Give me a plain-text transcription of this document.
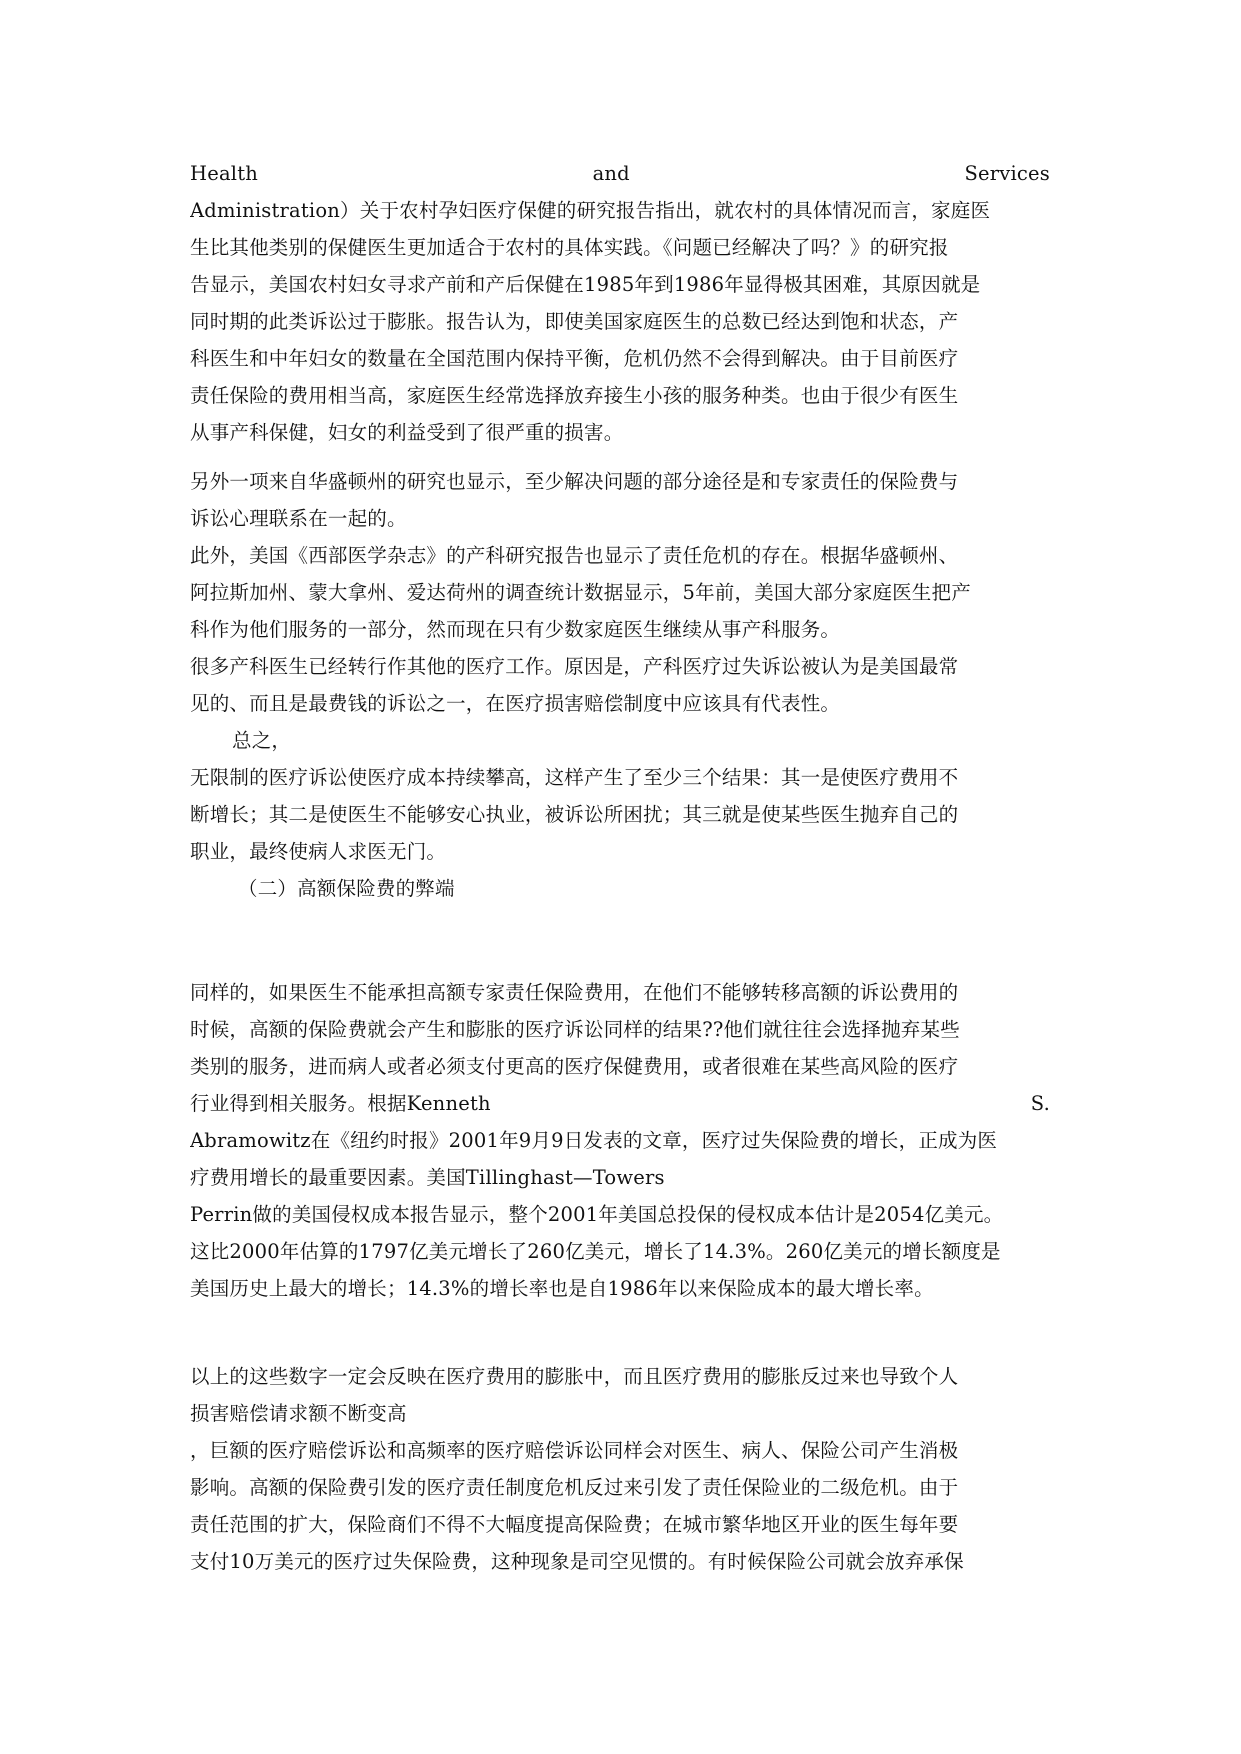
Health	and	Services
Administration）关于农村孕妇医疗保健的研究报告指出，就农村的具体情况而言，家庭医
生比其他类别的保健医生更加适合于农村的具体实践。《问题已经解决了吗？》的研究报
告显示，美国农村妇女寻求产前和产后保健在1985年到1986年显得极其困难，其原因就是
同时期的此类诉讼过于膨胀。报告认为，即使美国家庭医生的总数已经达到饱和状态，产
科医生和中年妇女的数量在全国范围内保持平衡，危机仍然不会得到解决。由于目前医疗
责任保险的费用相当高，家庭医生经常选择放弃接生小孩的服务种类。也由于很少有医生
从事产科保健，妇女的利益受到了很严重的损害。
另外一项来自华盛顿州的研究也显示，至少解决问题的部分途径是和专家责任的保险费与
诉讼心理联系在一起的。
此外，美国《西部医学杂志》的产科研究报告也显示了责任危机的存在。根据华盛顿州、
阿拉斯加州、蒙大拿州、爱达荷州的调查统计数据显示，5年前，美国大部分家庭医生把产
科作为他们服务的一部分，然而现在只有少数家庭医生继续从事产科服务。
很多产科医生已经转行作其他的医疗工作。原因是，产科医疗过失诉讼被认为是美国最常
见的、而且是最费钱的诉讼之一，在医疗损害赔偿制度中应该具有代表性。
总之，
无限制的医疗诉讼使医疗成本持续攀高，这样产生了至少三个结果：其一是使医疗费用不
断增长；其二是使医生不能够安心执业，被诉讼所困扰；其三就是使某些医生抛弃自己的
职业，最终使病人求医无门。
（二）高额保险费的弊端
同样的，如果医生不能承担高额专家责任保险费用，在他们不能够转移高额的诉讼费用的
时候，高额的保险费就会产生和膨胀的医疗诉讼同样的结果??他们就往往会选择抛弃某些
类别的服务，进而病人或者必须支付更高的医疗保健费用，或者很难在某些高风险的医疗
行业得到相关服务。根据Kenneth	S.
Abramowitz在《纽约时报》2001年9月9日发表的文章，医疗过失保险费的增长，正成为医
疗费用增长的最重要因素。美国Tillinghast—Towers
Perrin做的美国侵权成本报告显示，整个2001年美国总投保的侵权成本估计是2054亿美元。
这比2000年估算的1797亿美元增长了260亿美元，增长了14.3%。260亿美元的增长额度是
美国历史上最大的增长；14.3%的增长率也是自1986年以来保险成本的最大增长率。
以上的这些数字一定会反映在医疗费用的膨胀中，而且医疗费用的膨胀反过来也导致个人
损害赔偿请求额不断变高
，巨额的医疗赔偿诉讼和高频率的医疗赔偿诉讼同样会对医生、病人、保险公司产生消极
影响。高额的保险费引发的医疗责任制度危机反过来引发了责任保险业的二级危机。由于
责任范围的扩大，保险商们不得不大幅度提高保险费；在城市繁华地区开业的医生每年要
支付10万美元的医疗过失保险费，这种现象是司空见惯的。有时候保险公司就会放弃承保
